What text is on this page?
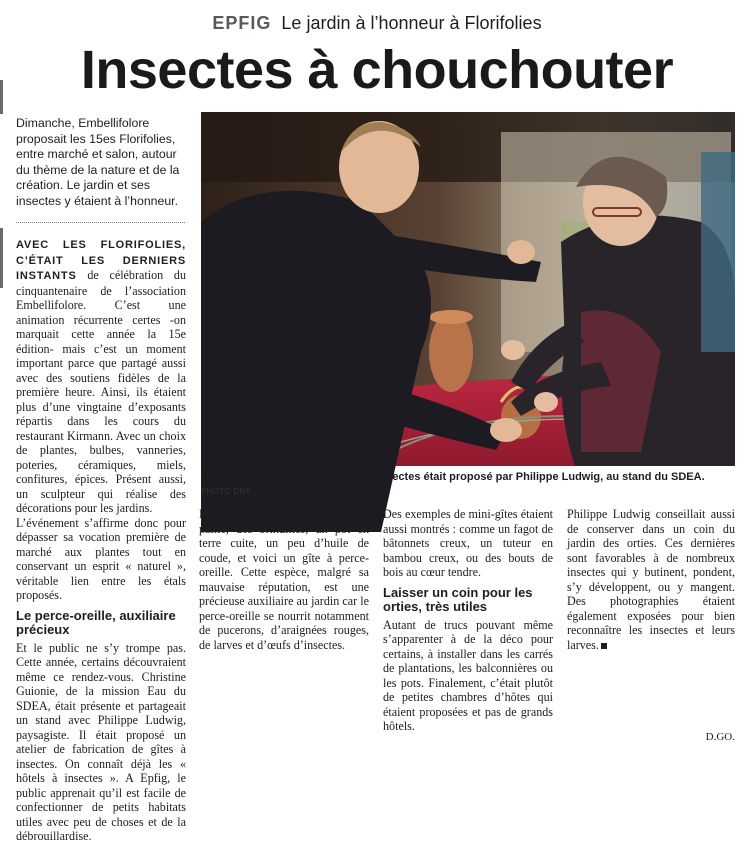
EPFIG Le jardin à l’honneur à Florifolies
Insectes à chouchouter
Dimanche, Embellifolore proposait les 15es Florifolies, entre marché et salon, autour du thème de la nature et de la création. Le jardin et ses insectes y étaient à l’honneur.
Un atelier de confection de gîte à insectes était proposé par Philippe Ludwig, au stand du SDEA.
PHOTO DNA

AVEC LES FLORIFOLIES, C’ÉTAIT LES DERNIERS INSTANTS de célébration du cinquantenaire de l’association Embellifolore. C’est une animation récurrente certes -on marquait cette année la 15e édition- mais c’est un moment important parce que partagé aussi avec des soutiens fidèles de la première heure. Ainsi, ils étaient plus d’une vingtaine d’exposants répartis dans les cours du restaurant Kirmann. Avec un choix de plantes, bulbes, vanneries, poteries, céramiques, miels, confitures, épices. Présent aussi, un sculpteur qui réalise des décorations pour les jardins.

L’événement s’affirme donc pour dépasser sa vocation première de marché aux plantes tout en conservant un esprit « naturel », véritable lien entre les étals proposés.

Le perce-oreille, auxiliaire précieux

Et le public ne s’y trompe pas. Cette année, certains découvraient même ce rendez-vous. Christine Guionie, de la mission Eau du SDEA, était présente et partageait un stand avec Philippe Ludwig, paysagiste. Il était proposé un atelier de fabrication de gîtes à insectes. On connaît déjà les « hôtels à insectes ». A Epfig, le public apprenait qu’il est facile de confectionner de petits habitats utiles avec peu de choses et de la débrouillardise.

Exemple : du fil de fer, de la paille, des brindilles, un pot en terre cuite, un peu d’huile de coude, et voici un gîte à perce-oreille. Cette espèce, malgré sa mauvaise réputation, est une précieuse auxiliaire au jardin car le perce-oreille se nourrit notamment de pucerons, d’araignées rouges, de larves et d’œufs d’insectes.

Des exemples de mini-gîtes étaient aussi montrés : comme un fagot de bâtonnets creux, un tuteur en bambou creux, ou des bouts de bois au cœur tendre.

Laisser un coin pour les orties, très utiles

Autant de trucs pouvant même s’apparenter à de la déco pour certains, à installer dans les carrés de plantations, les balconnières ou les pots. Finalement, c’était plutôt de petites chambres d’hôtes qui étaient proposées et pas de grands hôtels.

Philippe Ludwig conseillait aussi de conserver dans un coin du jardin des orties. Ces dernières sont favorables à de nombreux insectes qui y butinent, pondent, s’y développent, ou y mangent. Des photographies étaient également exposées pour bien reconnaître les insectes et leurs larves.

D.GO.
